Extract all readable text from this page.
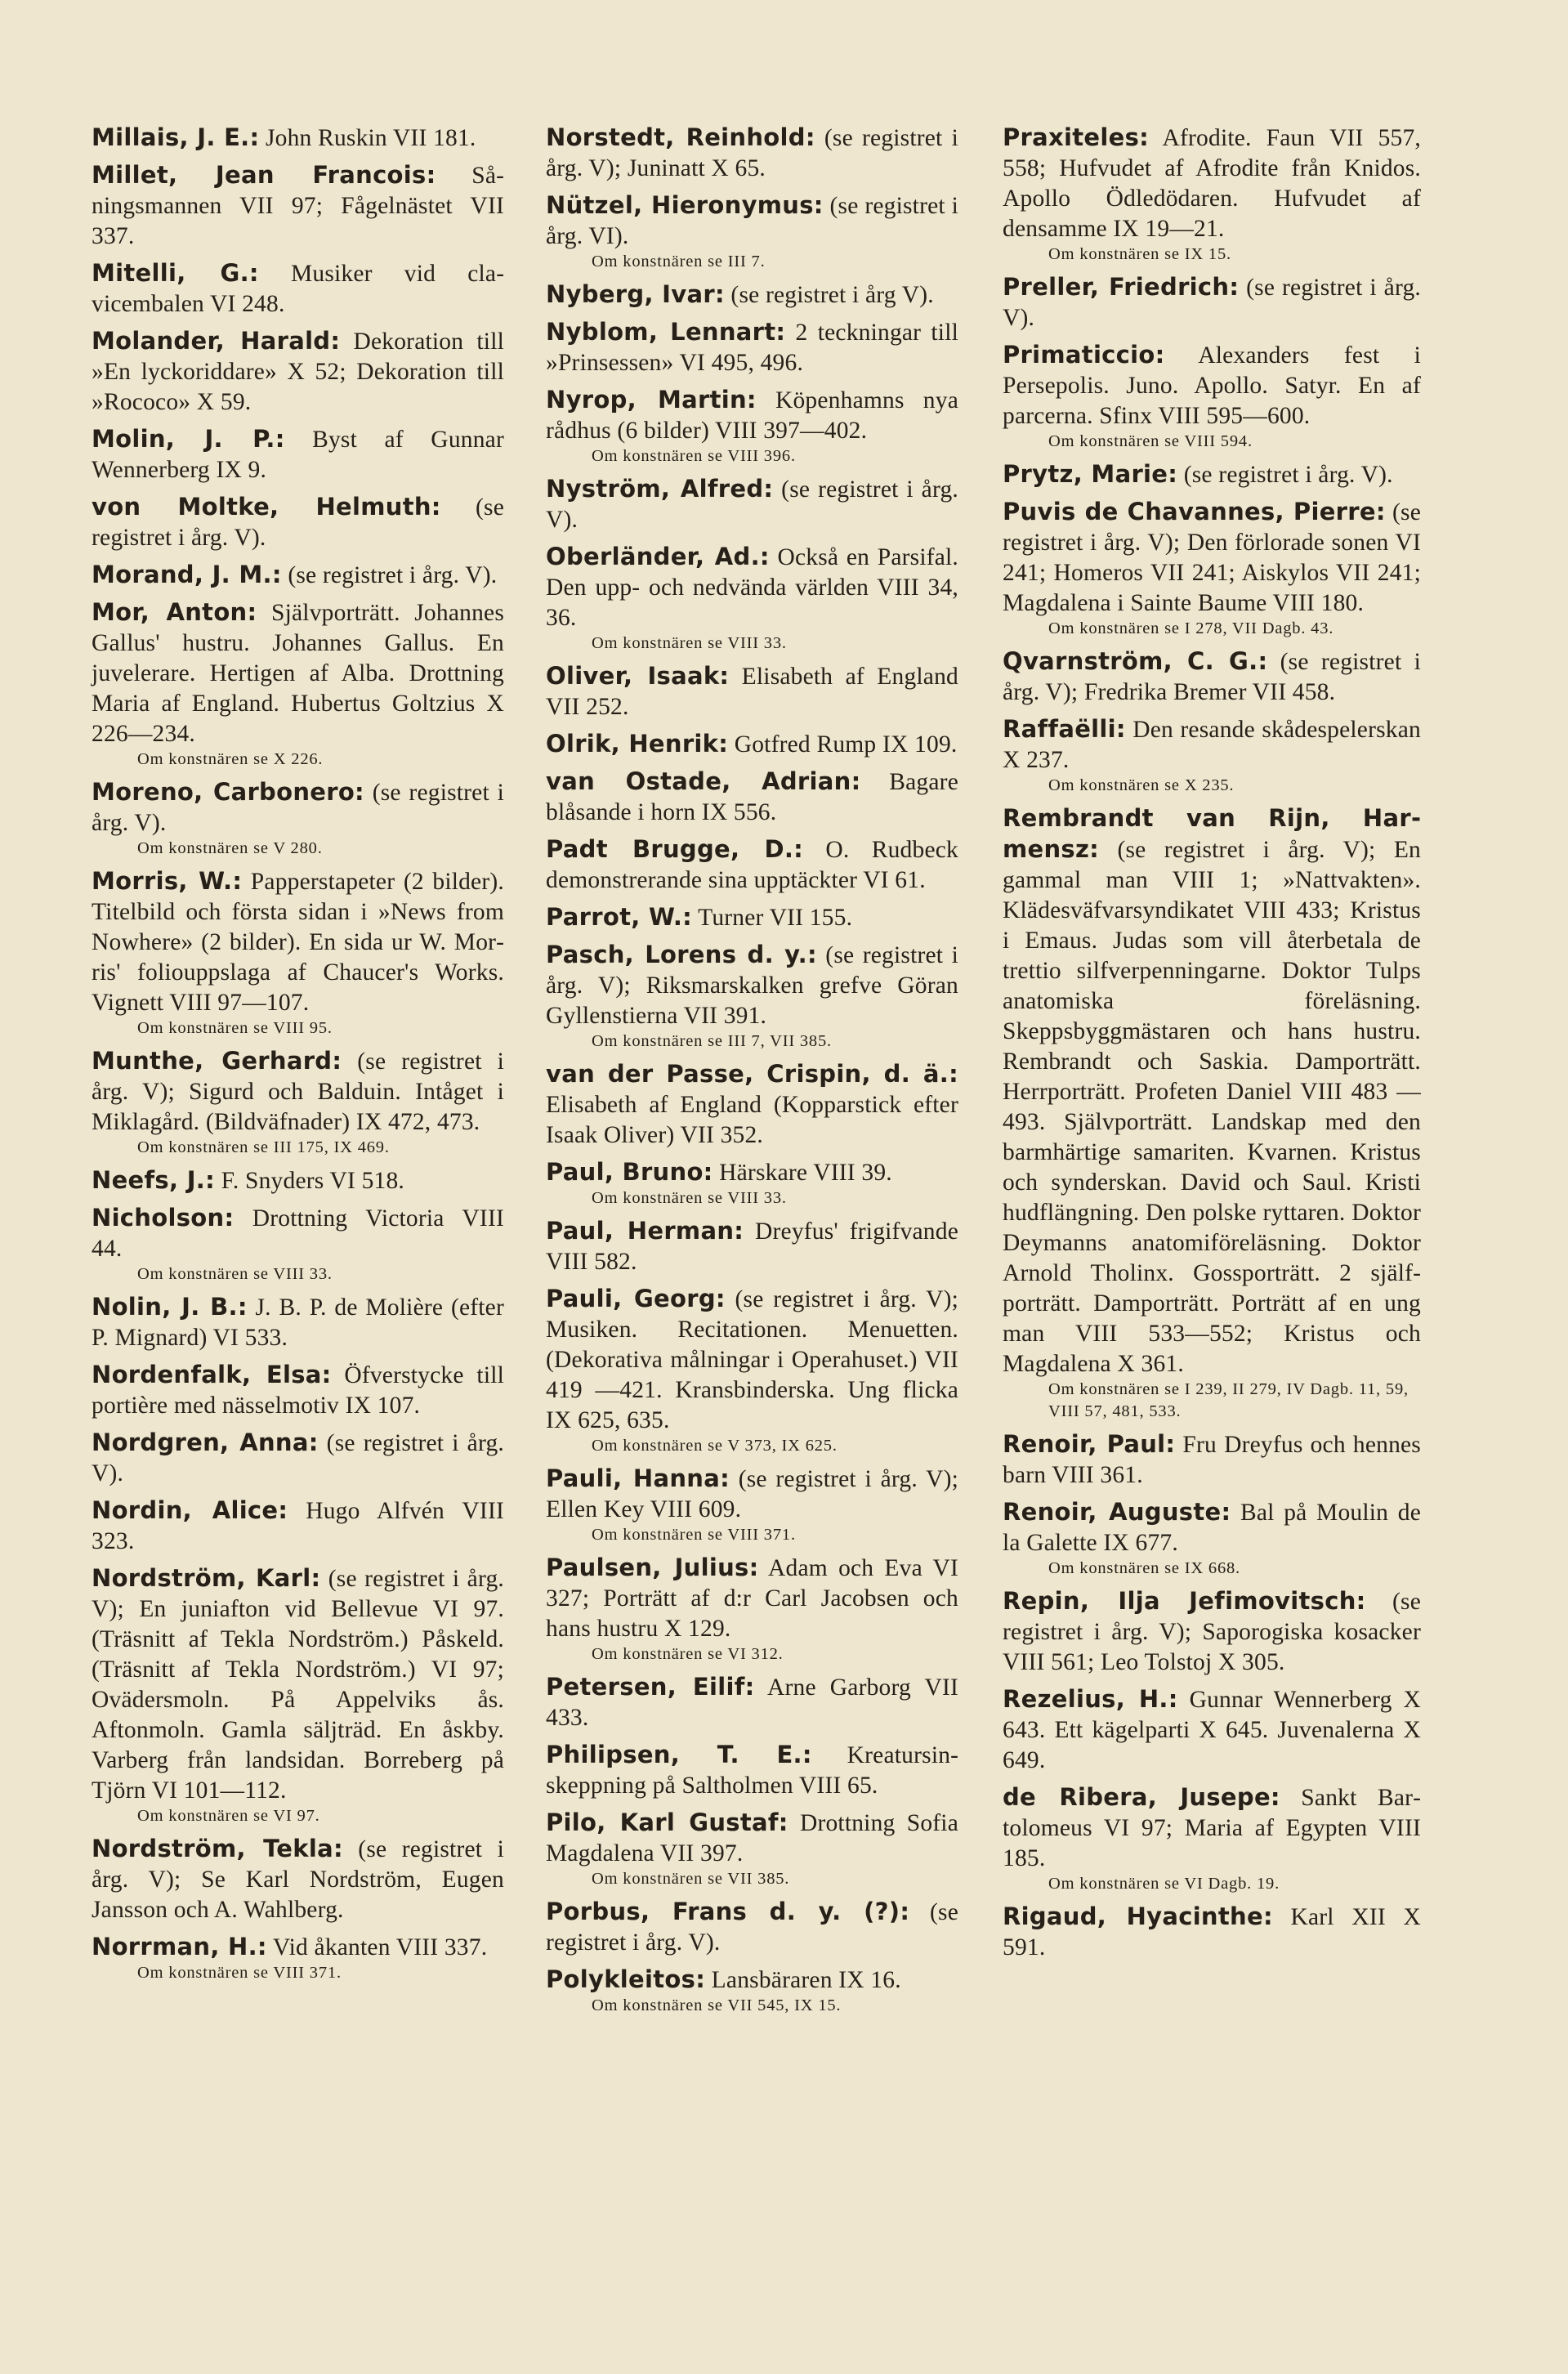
Millais, J. E.: John Ruskin VII 181.
Millet, Jean Francois: Såningsmannen VII 97; Fågelnästet VII 337.
Mitelli, G.: Musiker vid clavicembalen VI 248.
Molander, Harald: Dekoration till »En lyckoriddare» X 52; Dekoration till »Rococo» X 59.
Molin, J. P.: Byst af Gunnar Wennerberg IX 9.
von Moltke, Helmuth: (se registret i årg. V).
Morand, J. M.: (se registret i årg. V).
Mor, Anton: Självporträtt. Johannes Gallus' hustru. Johannes Gallus. En juvelerare. Hertigen af Alba. Drottning Maria af England. Hubertus Goltzius X 226—234.
Om konstnären se X 226.
Moreno, Carbonero: (se registret i årg. V).
Om konstnären se V 280.
Morris, W.: Papperstapeter (2 bilder). Titelbild och första sidan i »News from Nowhere» (2 bilder). En sida ur W. Morris' foliouppslaga af Chaucer's Works. Vignett VIII 97—107.
Om konstnären se VIII 95.
Munthe, Gerhard: (se registret i årg. V); Sigurd och Balduin. Intåget i Miklagård. (Bildväfnader) IX 472, 473.
Om konstnären se III 175, IX 469.
Neefs, J.: F. Snyders VI 518.
Nicholson: Drottning Victoria VIII 44.
Om konstnären se VIII 33.
Nolin, J. B.: J. B. P. de Molière (efter P. Mignard) VI 533.
Nordenfalk, Elsa: Öfverstycke till portière med nässelmotiv IX 107.
Nordgren, Anna: (se registret i årg. V).
Nordin, Alice: Hugo Alfvén VIII 323.
Nordström, Karl: (se registret i årg. V); En juniafton vid Bellevue VI 97. (Träsnitt af Tekla Nordström.) Påskeld. (Träsnitt af Tekla Nordström.) VI 97; Ovädersmoln. På Appelviks ås. Aftonmoln. Gamla säljträd. En åskby. Varberg från landsidan. Borreberg på Tjörn VI 101—112.
Om konstnären se VI 97.
Nordström, Tekla: (se registret i årg. V); Se Karl Nordström, Eugen Jansson och A. Wahlberg.
Norrman, H.: Vid åkanten VIII 337.
Om konstnären se VIII 371.
Norstedt, Reinhold: (se registret i årg. V); Juninatt X 65.
Nützel, Hieronymus: (se registret i årg. VI).
Om konstnären se III 7.
Nyberg, Ivar: (se registret i årg V).
Nyblom, Lennart: 2 teckningar till »Prinsessen» VI 495, 496.
Nyrop, Martin: Köpenhamns nya rådhus (6 bilder) VIII 397—402.
Om konstnären se VIII 396.
Nyström, Alfred: (se registret i årg. V).
Oberländer, Ad.: Också en Parsifal. Den upp- och nedvända världen VIII 34, 36.
Om konstnären se VIII 33.
Oliver, Isaak: Elisabeth af England VII 252.
Olrik, Henrik: Gotfred Rump IX 109.
van Ostade, Adrian: Bagare blåsande i horn IX 556.
Padt Brugge, D.: O. Rudbeck demonstrerande sina upptäckter VI 61.
Parrot, W.: Turner VII 155.
Pasch, Lorens d. y.: (se registret i årg. V); Riksmarskalken grefve Göran Gyllenstierna VII 391.
Om konstnären se III 7, VII 385.
van der Passe, Crispin, d. ä.: Elisabeth af England (Kopparstick efter Isaak Oliver) VII 352.
Paul, Bruno: Härskare VIII 39.
Om konstnären se VIII 33.
Paul, Herman: Dreyfus' frigifvande VIII 582.
Pauli, Georg: (se registret i årg. V); Musiken. Recitationen. Menuetten. (Dekorativa målningar i Operahuset.) VII 419 —421. Kransbinderska. Ung flicka IX 625, 635.
Om konstnären se V 373, IX 625.
Pauli, Hanna: (se registret i årg. V); Ellen Key VIII 609.
Om konstnären se VIII 371.
Paulsen, Julius: Adam och Eva VI 327; Porträtt af d:r Carl Jacobsen och hans hustru X 129.
Om konstnären se VI 312.
Petersen, Eilif: Arne Garborg VII 433.
Philipsen, T. E.: Kreatursinskeppning på Saltholmen VIII 65.
Pilo, Karl Gustaf: Drottning Sofia Magdalena VII 397.
Om konstnären se VII 385.
Porbus, Frans d. y. (?): (se registret i årg. V).
Polykleitos: Lansbäraren IX 16.
Om konstnären se VII 545, IX 15.
Praxiteles: Afrodite. Faun VII 557, 558; Hufvudet af Afrodite från Knidos. Apollo Ödledödaren. Hufvudet af densamme IX 19—21.
Om konstnären se IX 15.
Preller, Friedrich: (se registret i årg. V).
Primaticcio: Alexanders fest i Persepolis. Juno. Apollo. Satyr. En af parcerna. Sfinx VIII 595—600.
Om konstnären se VIII 594.
Prytz, Marie: (se registret i årg. V).
Puvis de Chavannes, Pierre: (se registret i årg. V); Den förlorade sonen VI 241; Homeros VII 241; Aiskylos VII 241; Magdalena i Sainte Baume VIII 180.
Om konstnären se I 278, VII Dagb. 43.
Qvarnström, C. G.: (se registret i årg. V); Fredrika Bremer VII 458.
Raffaëlli: Den resande skådespelerskan X 237.
Om konstnären se X 235.
Rembrandt van Rijn, Harmensz: (se registret i årg. V); En gammal man VIII 1; »Nattvakten». Klädesväfvarsyndikatet VIII 433; Kristus i Emaus. Judas som vill återbetala de trettio silfverpenningarne. Doktor Tulps anatomiska föreläsning. Skeppsbyggmästaren och hans hustru. Rembrandt och Saskia. Damporträtt. Herrporträtt. Profeten Daniel VIII 483 —493. Självporträtt. Landskap med den barmhärtige samariten. Kvarnen. Kristus och synderskan. David och Saul. Kristi hudflängning. Den polske ryttaren. Doktor Deymanns anatomiföreläsning. Doktor Arnold Tholinx. Gossporträtt. 2 själfporträtt. Damporträtt. Porträtt af en ung man VIII 533—552; Kristus och Magdalena X 361.
Om konstnären se I 239, II 279, IV Dagb. 11, 59, VIII 57, 481, 533.
Renoir, Paul: Fru Dreyfus och hennes barn VIII 361.
Renoir, Auguste: Bal på Moulin de la Galette IX 677.
Om konstnären se IX 668.
Repin, Ilja Jefimovitsch: (se registret i årg. V); Saporogiska kosacker VIII 561; Leo Tolstoj X 305.
Rezelius, H.: Gunnar Wennerberg X 643. Ett kägelparti X 645. Juvenalerna X 649.
de Ribera, Jusepe: Sankt Bartolomeus VI 97; Maria af Egypten VIII 185.
Om konstnären se VI Dagb. 19.
Rigaud, Hyacinthe: Karl XII X 591.
